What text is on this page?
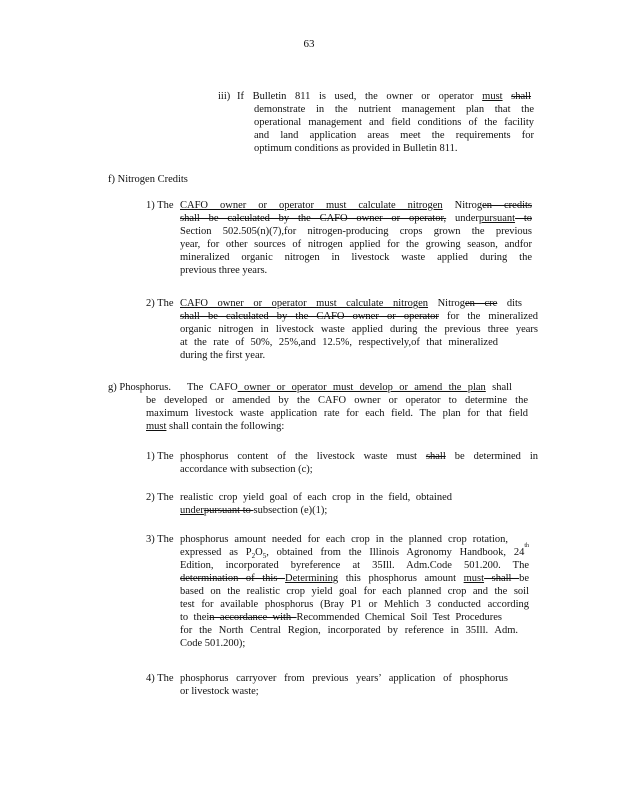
63
iii) If Bulletin 811 is used, the owner or operator must shall
demonstrate in the nutrient management plan that the
operational management and field conditions of the facility
and land application areas meet the requirements for
optimum conditions as provided in Bulletin 811.
f) Nitrogen Credits
1) The CAFO owner or operator must calculate nitrogen Nitrogen credits
shall be calculated by the CAFO owner or operator, underpursuant to
Section 502.505(n)(7),for nitrogen-producing crops grown the previous
year, for other sources of nitrogen applied for the growing season, andfor
mineralized organic nitrogen in livestock waste applied during the
previous three years.
2) The CAFO owner or operator must calculate nitrogen Nitrogen cre dits
shall be calculated by the CAFO owner or operator for the mineralized
organic nitrogen in livestock waste applied during the previous three years
at the rate of 50%, 25%,and 12.5%, respectively,of that mineralized
during the first year.
g) Phosphorus. The CAFO owner or operator must develop or amend the plan shall
be developed or amended by the CAFO owner or operator to determine the
maximum livestock waste application rate for each field. The plan for that field
must shall contain the following:
1) The phosphorus content of the livestock waste must shall be determined in
accordance with subsection (c);
2) The realistic crop yield goal of each crop in the field, obtained
underpursuant to subsection (e)(1);
3) The phosphorus amount needed for each crop in the planned crop rotation,
expressed as $P_2O_5$, obtained from the Illinois Agronomy Handbook, 24th
Edition, incorporated byreference at 35Ill. Adm.Code 501.200. The
determination of this Determining this phosphorus amount must shall be
based on the realistic crop yield goal for each planned crop and the soil
test for available phosphorus (Bray P1 or Mehlich 3 conducted according
to thein accordance with Recommended Chemical Soil Test Procedures
for the North Central Region, incorporated by reference in 35Ill. Adm.
Code 501.200);
4) The phosphorus carryover from previous years’ application of phosphorus
or livestock waste;
